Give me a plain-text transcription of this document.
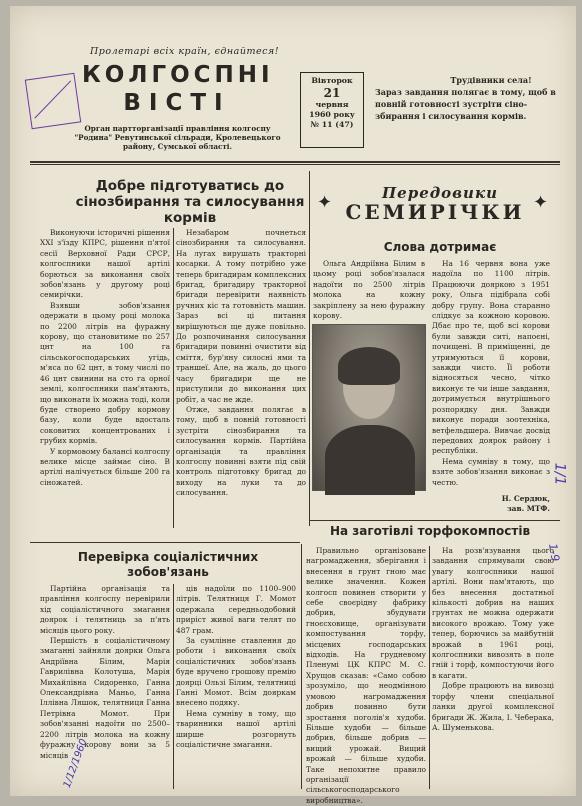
Пролетарі всіх країн, єднайтеся!
КОЛГОСПНІ
ВІСТІ
Орган партторганізації правління колгоспу "Родина" Ревутинської сільради, Кролевецького району, Сумської області.
Вівторок
21
червня
1960 року
№ 11 (47)
Трудівники села!
Зараз завдання полягає в тому, щоб в повній готовності зустріти сіно-збирання і силосування кормів.
Добре підготуватись до сінозбирання та силосування кормів

Виконуючи історичні рішення XXI з'їзду КПРС, рішення п'ятої сесії Верховної Ради СРСР, колгоспники нашої артілі борються за виконання своїх зобов'язань у другому році семирічки.

Взявши зобов'язання одержати в цьому році молока по 2200 літрів на фуражну корову, що становитиме по 257 цнт на 100 га сільськогосподарських угідь, м'яса по 62 цнт, в тому числі по 46 цнт свинини на сто га орної землі, колгоспники пам'ятають, що виконати їх можна тоді, коли буде створено добру кормову базу, коли буде вдосталь соковитих концентрованих і грубих кормів.

У кормовому балансі колгоспу велике місце займає сіно. В артілі налічується більше 200 га сіножатей.

Незабаром почнеться сінозбирання та силосування. На лугах вирушать тракторні косарки. А тому потрібно уже теперь бригадирам комплексних бригад, бригадиру тракторної бригади перевірити наявність ручних кіс та готовність машин. Зараз всі ці питання вирішуються ще дуже повільно. До розпочинання силосування бригадири повинні очистити від сміття, бур'яну силосні ями та траншеї. Але, на жаль, до цього часу бригадири ще не приступили до виконання цих робіт, а час не жде.

Отже, завдання полягає в тому, щоб в повній готовності зустріти сінозбирання та силосування кормів. Партійна організація та правління колгоспу повинні взяти під свій контроль підготовку бригад до виходу на луки та до силосування.

✦	Передовики
СЕМИРІЧКИ ✦
Слова дотримає

Ольга Андріївна Білим в цьому році зобов'язалася надоїти по 2500 літрів молока на кожну закріплену за нею фуражну корову.

На 16 червня вона уже надоїла по 1100 літрів. Працюючи дояркою з 1951 року, Ольга підібрала собі добру групу. Вона старанно слідкує за кожною коровою. Дбає про те, щоб всі корови були завжди ситі, напоєні, почищені. В приміщенні, де утримуються її корови, завжди чисто. Її роботи відносяться чесно, чітко виконує те чи інше завдання, дотримується внутрішнього розпорядку дня. Завжди виконує поради зоотехніка, ветфельдшера. Вивчає досвід передових доярок району і республіки.

Нема сумніву в тому, що взяте зобов'язання виконає з честю.

Н. Сердюк,
зав. МТФ.
На заготівлі торфокомпостів
Перевірка соціалістичних зобов'язань

Партійна організація та правління колгоспу перевірили хід соціалістичного змагання доярок і телятниць за п'ять місяців цього року.

Першість в соціалістичному змаганні зайняли доярки Ольга Андріївна Білим, Марія Гаврилівна Колотуша, Марія Михайлівна Сидоренко, Ганна Олександрівна Маньо, Ганна Іллівна Ляшок, телятниця Ганна Петрівна Момот. При зобов'язанні надоїти по 2500–2200 літрів молока на кожну фуражну корову вони за 5 місяців

ців надоїли по 1100–900 літрів. Телятниця Г. Момот одержала середньодобовий приріст живої ваги телят по 487 грам.

За сумлінне ставлення до роботи і виконання своїх соціалістичних зобов'язань буде вручено грошову премію доярці Ользі Білим, телятниці Ганні Момот. Всім дояркам внесено подяку.

Нема сумніву в тому, що тваринники нашої артілі ширше розгорнуть соціалістичне змагання.

Правильно організоване нагромадження, зберігання і внесення в грунт гною має велике значення. Кожен колгосп повинен створити у себе своєрідну фабрику добрив, збудувати гноєсховище, організувати компостування торфу, місцевих господарських відходів. На грудневому Пленумі ЦК КПРС М. С. Хрущов сказав: «Само собою зрозуміло, що неодмінною умовою нагромадження добрив повинно бути зростання поголів'я худоби. Більше худоби — більше добрив, більше добрив — вищий урожай. Вищий врожай — більше худоби. Таке непохитне правило організації сільськогосподарського виробництва».

На розв'язування цього завдання спрямували свою увагу колгоспники нашої артілі. Вони пам'ятають, що без внесення достатньої кількості добрив на наших грунтах не можна одержати високого врожаю. Тому уже тепер, борючись за майбутній врожай в 1961 році, колгоспники вивозять в поле гній і торф, компостуючи його в кагати.

Добре працюють на вивозці торфу члени спеціальної ланки другої комплексної бригади Ж. Жила, І. Чеберака, А. Шуменькова.

1/1
1-9
1/12/1960
